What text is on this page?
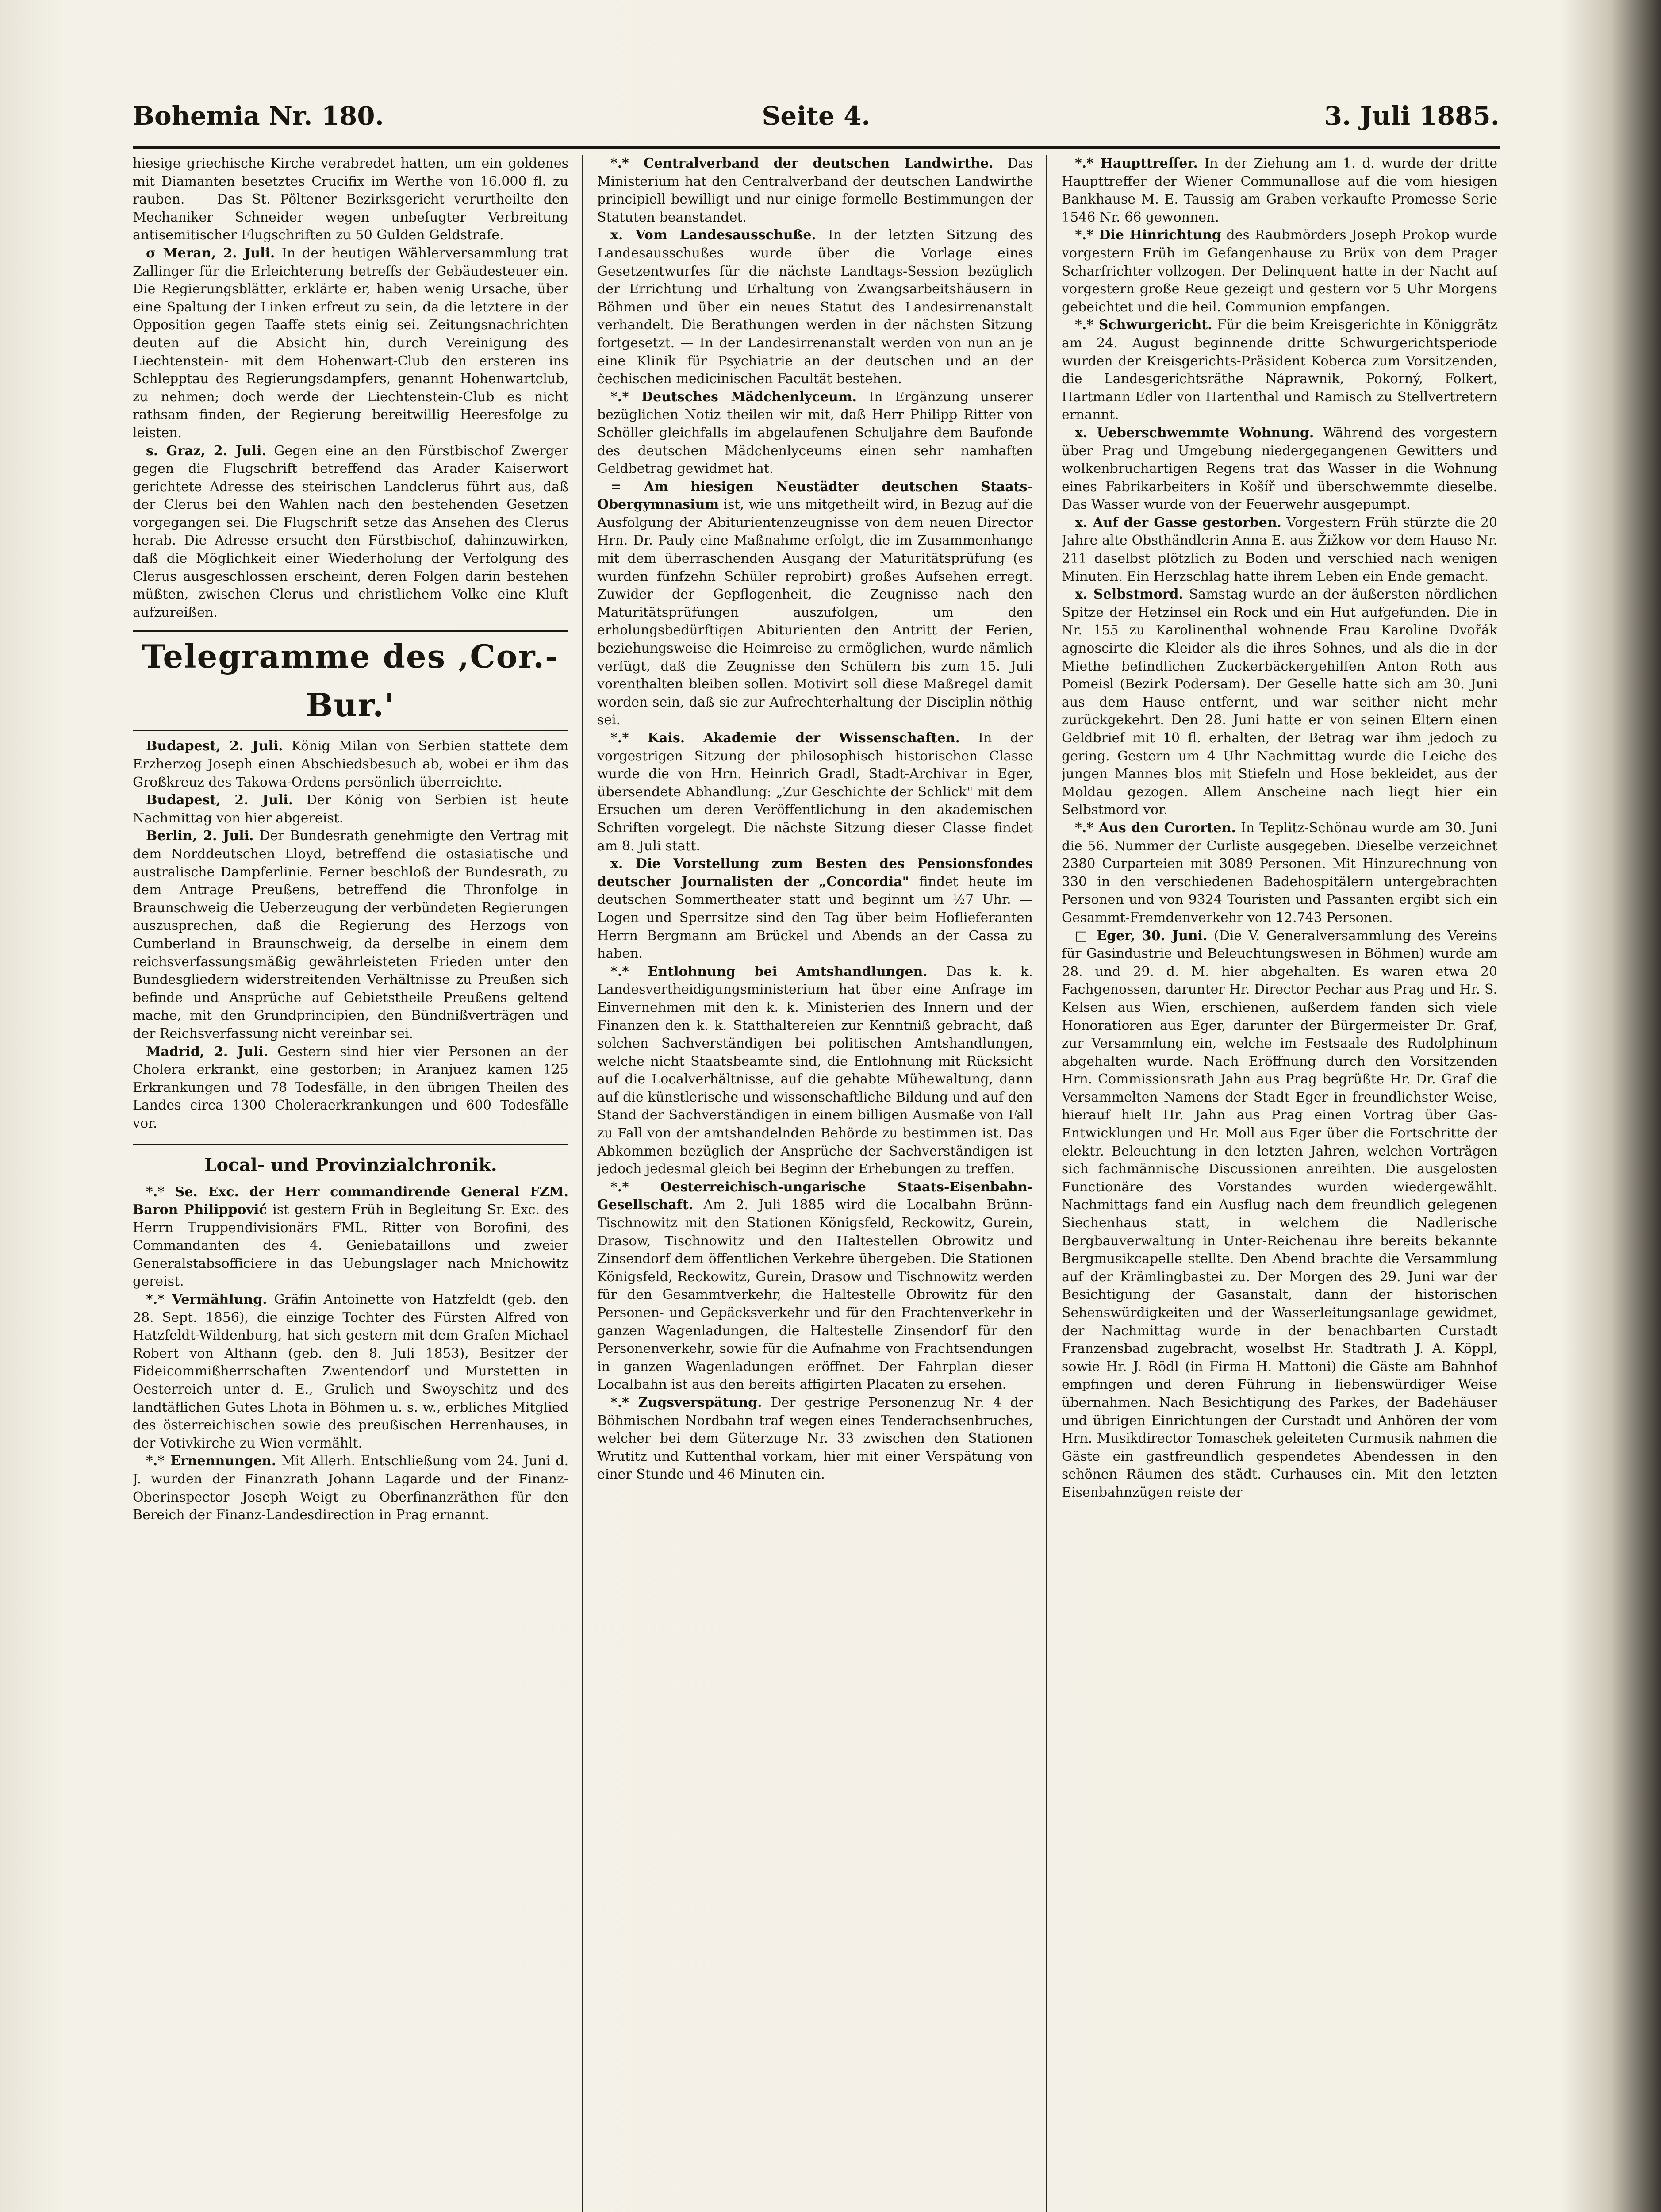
Bohemia Nr. 180.	Seite 4.	3. Juli 1885.

hiesige griechische Kirche verabredet hatten, um ein goldenes mit Diamanten besetztes Crucifix im Werthe von 16.000 fl. zu rauben. — Das St. Pöltener Bezirksgericht verurtheilte den Mechaniker Schneider wegen unbefugter Verbreitung antisemitischer Flugschriften zu 50 Gulden Geldstrafe.

σ Meran, 2. Juli. In der heutigen Wählerversammlung trat Zallinger für die Erleichterung betreffs der Gebäudesteuer ein. Die Regierungsblätter, erklärte er, haben wenig Ursache, über eine Spaltung der Linken erfreut zu sein, da die letztere in der Opposition gegen Taaffe stets einig sei. Zeitungsnachrichten deuten auf die Absicht hin, durch Vereinigung des Liechtenstein- mit dem Hohenwart-Club den ersteren ins Schlepptau des Regierungsdampfers, genannt Hohenwartclub, zu nehmen; doch werde der Liechtenstein-Club es nicht rathsam finden, der Regierung bereitwillig Heeresfolge zu leisten.

s. Graz, 2. Juli. Gegen eine an den Fürstbischof Zwerger gegen die Flugschrift betreffend das Arader Kaiserwort gerichtete Adresse des steirischen Landclerus führt aus, daß der Clerus bei den Wahlen nach den bestehenden Gesetzen vorgegangen sei. Die Flugschrift setze das Ansehen des Clerus herab. Die Adresse ersucht den Fürstbischof, dahinzuwirken, daß die Möglichkeit einer Wiederholung der Verfolgung des Clerus ausgeschlossen erscheint, deren Folgen darin bestehen müßten, zwischen Clerus und christlichem Volke eine Kluft aufzureißen.

Telegramme des ‚Cor.-Bur.'

Budapest, 2. Juli. König Milan von Serbien stattete dem Erzherzog Joseph einen Abschiedsbesuch ab, wobei er ihm das Großkreuz des Takowa-Ordens persönlich überreichte.

Budapest, 2. Juli. Der König von Serbien ist heute Nachmittag von hier abgereist.

Berlin, 2. Juli. Der Bundesrath genehmigte den Vertrag mit dem Norddeutschen Lloyd, betreffend die ostasiatische und australische Dampferlinie. Ferner beschloß der Bundesrath, zu dem Antrage Preußens, betreffend die Thronfolge in Braunschweig die Ueberzeugung der verbündeten Regierungen auszusprechen, daß die Regierung des Herzogs von Cumberland in Braunschweig, da derselbe in einem dem reichsverfassungsmäßig gewährleisteten Frieden unter den Bundesgliedern widerstreitenden Verhältnisse zu Preußen sich befinde und Ansprüche auf Gebietstheile Preußens geltend mache, mit den Grundprincipien, den Bündnißverträgen und der Reichsverfassung nicht vereinbar sei.

Madrid, 2. Juli. Gestern sind hier vier Personen an der Cholera erkrankt, eine gestorben; in Aranjuez kamen 125 Erkrankungen und 78 Todesfälle, in den übrigen Theilen des Landes circa 1300 Choleraerkrankungen und 600 Todesfälle vor.

Local- und Provinzialchronik.

*.* Se. Exc. der Herr commandirende General FZM. Baron Philippović ist gestern Früh in Begleitung Sr. Exc. des Herrn Truppendivisionärs FML. Ritter von Borofini, des Commandanten des 4. Geniebataillons und zweier Generalstabsofficiere in das Uebungslager nach Mnichowitz gereist.

*.* Vermählung. Gräfin Antoinette von Hatzfeldt (geb. den 28. Sept. 1856), die einzige Tochter des Fürsten Alfred von Hatzfeldt-Wildenburg, hat sich gestern mit dem Grafen Michael Robert von Althann (geb. den 8. Juli 1853), Besitzer der Fideicommißherrschaften Zwentendorf und Murstetten in Oesterreich unter d. E., Grulich und Swoyschitz und des landtäflichen Gutes Lhota in Böhmen u. s. w., erbliches Mitglied des österreichischen sowie des preußischen Herrenhauses, in der Votivkirche zu Wien vermählt.

*.* Ernennungen. Mit Allerh. Entschließung vom 24. Juni d. J. wurden der Finanzrath Johann Lagarde und der Finanz-Oberinspector Joseph Weigt zu Oberfinanzräthen für den Bereich der Finanz-Landesdirection in Prag ernannt.

*.* Centralverband der deutschen Landwirthe. Das Ministerium hat den Centralverband der deutschen Landwirthe principiell bewilligt und nur einige formelle Bestimmungen der Statuten beanstandet.

x. Vom Landesausschuße. In der letzten Sitzung des Landesausschußes wurde über die Vorlage eines Gesetzentwurfes für die nächste Landtags-Session bezüglich der Errichtung und Erhaltung von Zwangsarbeitshäusern in Böhmen und über ein neues Statut des Landesirrenanstalt verhandelt. Die Berathungen werden in der nächsten Sitzung fortgesetzt. — In der Landesirrenanstalt werden von nun an je eine Klinik für Psychiatrie an der deutschen und an der čechischen medicinischen Facultät bestehen.

*.* Deutsches Mädchenlyceum. In Ergänzung unserer bezüglichen Notiz theilen wir mit, daß Herr Philipp Ritter von Schöller gleichfalls im abgelaufenen Schuljahre dem Baufonde des deutschen Mädchenlyceums einen sehr namhaften Geldbetrag gewidmet hat.

= Am hiesigen Neustädter deutschen Staats-Obergymnasium ist, wie uns mitgetheilt wird, in Bezug auf die Ausfolgung der Abiturientenzeugnisse von dem neuen Director Hrn. Dr. Pauly eine Maßnahme erfolgt, die im Zusammenhange mit dem überraschenden Ausgang der Maturitätsprüfung (es wurden fünfzehn Schüler reprobirt) großes Aufsehen erregt. Zuwider der Gepflogenheit, die Zeugnisse nach den Maturitätsprüfungen auszufolgen, um den erholungsbedürftigen Abiturienten den Antritt der Ferien, beziehungsweise die Heimreise zu ermöglichen, wurde nämlich verfügt, daß die Zeugnisse den Schülern bis zum 15. Juli vorenthalten bleiben sollen. Motivirt soll diese Maßregel damit worden sein, daß sie zur Aufrechterhaltung der Disciplin nöthig sei.

*.* Kais. Akademie der Wissenschaften. In der vorgestrigen Sitzung der philosophisch historischen Classe wurde die von Hrn. Heinrich Gradl, Stadt-Archivar in Eger, übersendete Abhandlung: „Zur Geschichte der Schlick" mit dem Ersuchen um deren Veröffentlichung in den akademischen Schriften vorgelegt. Die nächste Sitzung dieser Classe findet am 8. Juli statt.

x. Die Vorstellung zum Besten des Pensionsfondes deutscher Journalisten der „Concordia" findet heute im deutschen Sommertheater statt und beginnt um ½7 Uhr. — Logen und Sperrsitze sind den Tag über beim Hoflieferanten Herrn Bergmann am Brückel und Abends an der Cassa zu haben.

*.* Entlohnung bei Amtshandlungen. Das k. k. Landesvertheidigungsministerium hat über eine Anfrage im Einvernehmen mit den k. k. Ministerien des Innern und der Finanzen den k. k. Statthaltereien zur Kenntniß gebracht, daß solchen Sachverständigen bei politischen Amtshandlungen, welche nicht Staatsbeamte sind, die Entlohnung mit Rücksicht auf die Localverhältnisse, auf die gehabte Mühewaltung, dann auf die künstlerische und wissenschaftliche Bildung und auf den Stand der Sachverständigen in einem billigen Ausmaße von Fall zu Fall von der amtshandelnden Behörde zu bestimmen ist. Das Abkommen bezüglich der Ansprüche der Sachverständigen ist jedoch jedesmal gleich bei Beginn der Erhebungen zu treffen.

*.* Oesterreichisch-ungarische Staats-Eisenbahn-Gesellschaft. Am 2. Juli 1885 wird die Localbahn Brünn-Tischnowitz mit den Stationen Königsfeld, Reckowitz, Gurein, Drasow, Tischnowitz und den Haltestellen Obrowitz und Zinsendorf dem öffentlichen Verkehre übergeben. Die Stationen Königsfeld, Reckowitz, Gurein, Drasow und Tischnowitz werden für den Gesammtverkehr, die Haltestelle Obrowitz für den Personen- und Gepäcksverkehr und für den Frachtenverkehr in ganzen Wagenladungen, die Haltestelle Zinsendorf für den Personenverkehr, sowie für die Aufnahme von Frachtsendungen in ganzen Wagenladungen eröffnet. Der Fahrplan dieser Localbahn ist aus den bereits affigirten Placaten zu ersehen.

*.* Zugsverspätung. Der gestrige Personenzug Nr. 4 der Böhmischen Nordbahn traf wegen eines Tenderachsenbruches, welcher bei dem Güterzuge Nr. 33 zwischen den Stationen Wrutitz und Kuttenthal vorkam, hier mit einer Verspätung von einer Stunde und 46 Minuten ein.

*.* Haupttreffer. In der Ziehung am 1. d. wurde der dritte Haupttreffer der Wiener Communallose auf die vom hiesigen Bankhause M. E. Taussig am Graben verkaufte Promesse Serie 1546 Nr. 66 gewonnen.

*.* Die Hinrichtung des Raubmörders Joseph Prokop wurde vorgestern Früh im Gefangenhause zu Brüx von dem Prager Scharfrichter vollzogen. Der Delinquent hatte in der Nacht auf vorgestern große Reue gezeigt und gestern vor 5 Uhr Morgens gebeichtet und die heil. Communion empfangen.

*.* Schwurgericht. Für die beim Kreisgerichte in Königgrätz am 24. August beginnende dritte Schwurgerichtsperiode wurden der Kreisgerichts-Präsident Koberca zum Vorsitzenden, die Landesgerichtsräthe Náprawnik, Pokorný, Folkert, Hartmann Edler von Hartenthal und Ramisch zu Stellvertretern ernannt.

x. Ueberschwemmte Wohnung. Während des vorgestern über Prag und Umgebung niedergegangenen Gewitters und wolkenbruchartigen Regens trat das Wasser in die Wohnung eines Fabrikarbeiters in Košíř und überschwemmte dieselbe. Das Wasser wurde von der Feuerwehr ausgepumpt.

x. Auf der Gasse gestorben. Vorgestern Früh stürzte die 20 Jahre alte Obsthändlerin Anna E. aus Žižkow vor dem Hause Nr. 211 daselbst plötzlich zu Boden und verschied nach wenigen Minuten. Ein Herzschlag hatte ihrem Leben ein Ende gemacht.

x. Selbstmord. Samstag wurde an der äußersten nördlichen Spitze der Hetzinsel ein Rock und ein Hut aufgefunden. Die in Nr. 155 zu Karolinenthal wohnende Frau Karoline Dvořák agnoscirte die Kleider als die ihres Sohnes, und als die in der Miethe befindlichen Zuckerbäckergehilfen Anton Roth aus Pomeisl (Bezirk Podersam). Der Geselle hatte sich am 30. Juni aus dem Hause entfernt, und war seither nicht mehr zurückgekehrt. Den 28. Juni hatte er von seinen Eltern einen Geldbrief mit 10 fl. erhalten, der Betrag war ihm jedoch zu gering. Gestern um 4 Uhr Nachmittag wurde die Leiche des jungen Mannes blos mit Stiefeln und Hose bekleidet, aus der Moldau gezogen. Allem Anscheine nach liegt hier ein Selbstmord vor.

*.* Aus den Curorten. In Teplitz-Schönau wurde am 30. Juni die 56. Nummer der Curliste ausgegeben. Dieselbe verzeichnet 2380 Curparteien mit 3089 Personen. Mit Hinzurechnung von 330 in den verschiedenen Badehospitälern untergebrachten Personen und von 9324 Touristen und Passanten ergibt sich ein Gesammt-Fremdenverkehr von 12.743 Personen.

□ Eger, 30. Juni. (Die V. Generalversammlung des Vereins für Gasindustrie und Beleuchtungswesen in Böhmen) wurde am 28. und 29. d. M. hier abgehalten. Es waren etwa 20 Fachgenossen, darunter Hr. Director Pechar aus Prag und Hr. S. Kelsen aus Wien, erschienen, außerdem fanden sich viele Honoratioren aus Eger, darunter der Bürgermeister Dr. Graf, zur Versammlung ein, welche im Festsaale des Rudolphinum abgehalten wurde. Nach Eröffnung durch den Vorsitzenden Hrn. Commissionsrath Jahn aus Prag begrüßte Hr. Dr. Graf die Versammelten Namens der Stadt Eger in freundlichster Weise, hierauf hielt Hr. Jahn aus Prag einen Vortrag über Gas-Entwicklungen und Hr. Moll aus Eger über die Fortschritte der elektr. Beleuchtung in den letzten Jahren, welchen Vorträgen sich fachmännische Discussionen anreihten. Die ausgelosten Functionäre des Vorstandes wurden wiedergewählt. Nachmittags fand ein Ausflug nach dem freundlich gelegenen Siechenhaus statt, in welchem die Nadlerische Bergbauverwaltung in Unter-Reichenau ihre bereits bekannte Bergmusikcapelle stellte. Den Abend brachte die Versammlung auf der Krämlingbastei zu. Der Morgen des 29. Juni war der Besichtigung der Gasanstalt, dann der historischen Sehenswürdigkeiten und der Wasserleitungsanlage gewidmet, der Nachmittag wurde in der benachbarten Curstadt Franzensbad zugebracht, woselbst Hr. Stadtrath J. A. Köppl, sowie Hr. J. Rödl (in Firma H. Mattoni) die Gäste am Bahnhof empfingen und deren Führung in liebenswürdiger Weise übernahmen. Nach Besichtigung des Parkes, der Badehäuser und übrigen Einrichtungen der Curstadt und Anhören der vom Hrn. Musikdirector Tomaschek geleiteten Curmusik nahmen die Gäste ein gastfreundlich gespendetes Abendessen in den schönen Räumen des städt. Curhauses ein. Mit den letzten Eisenbahnzügen reiste der
